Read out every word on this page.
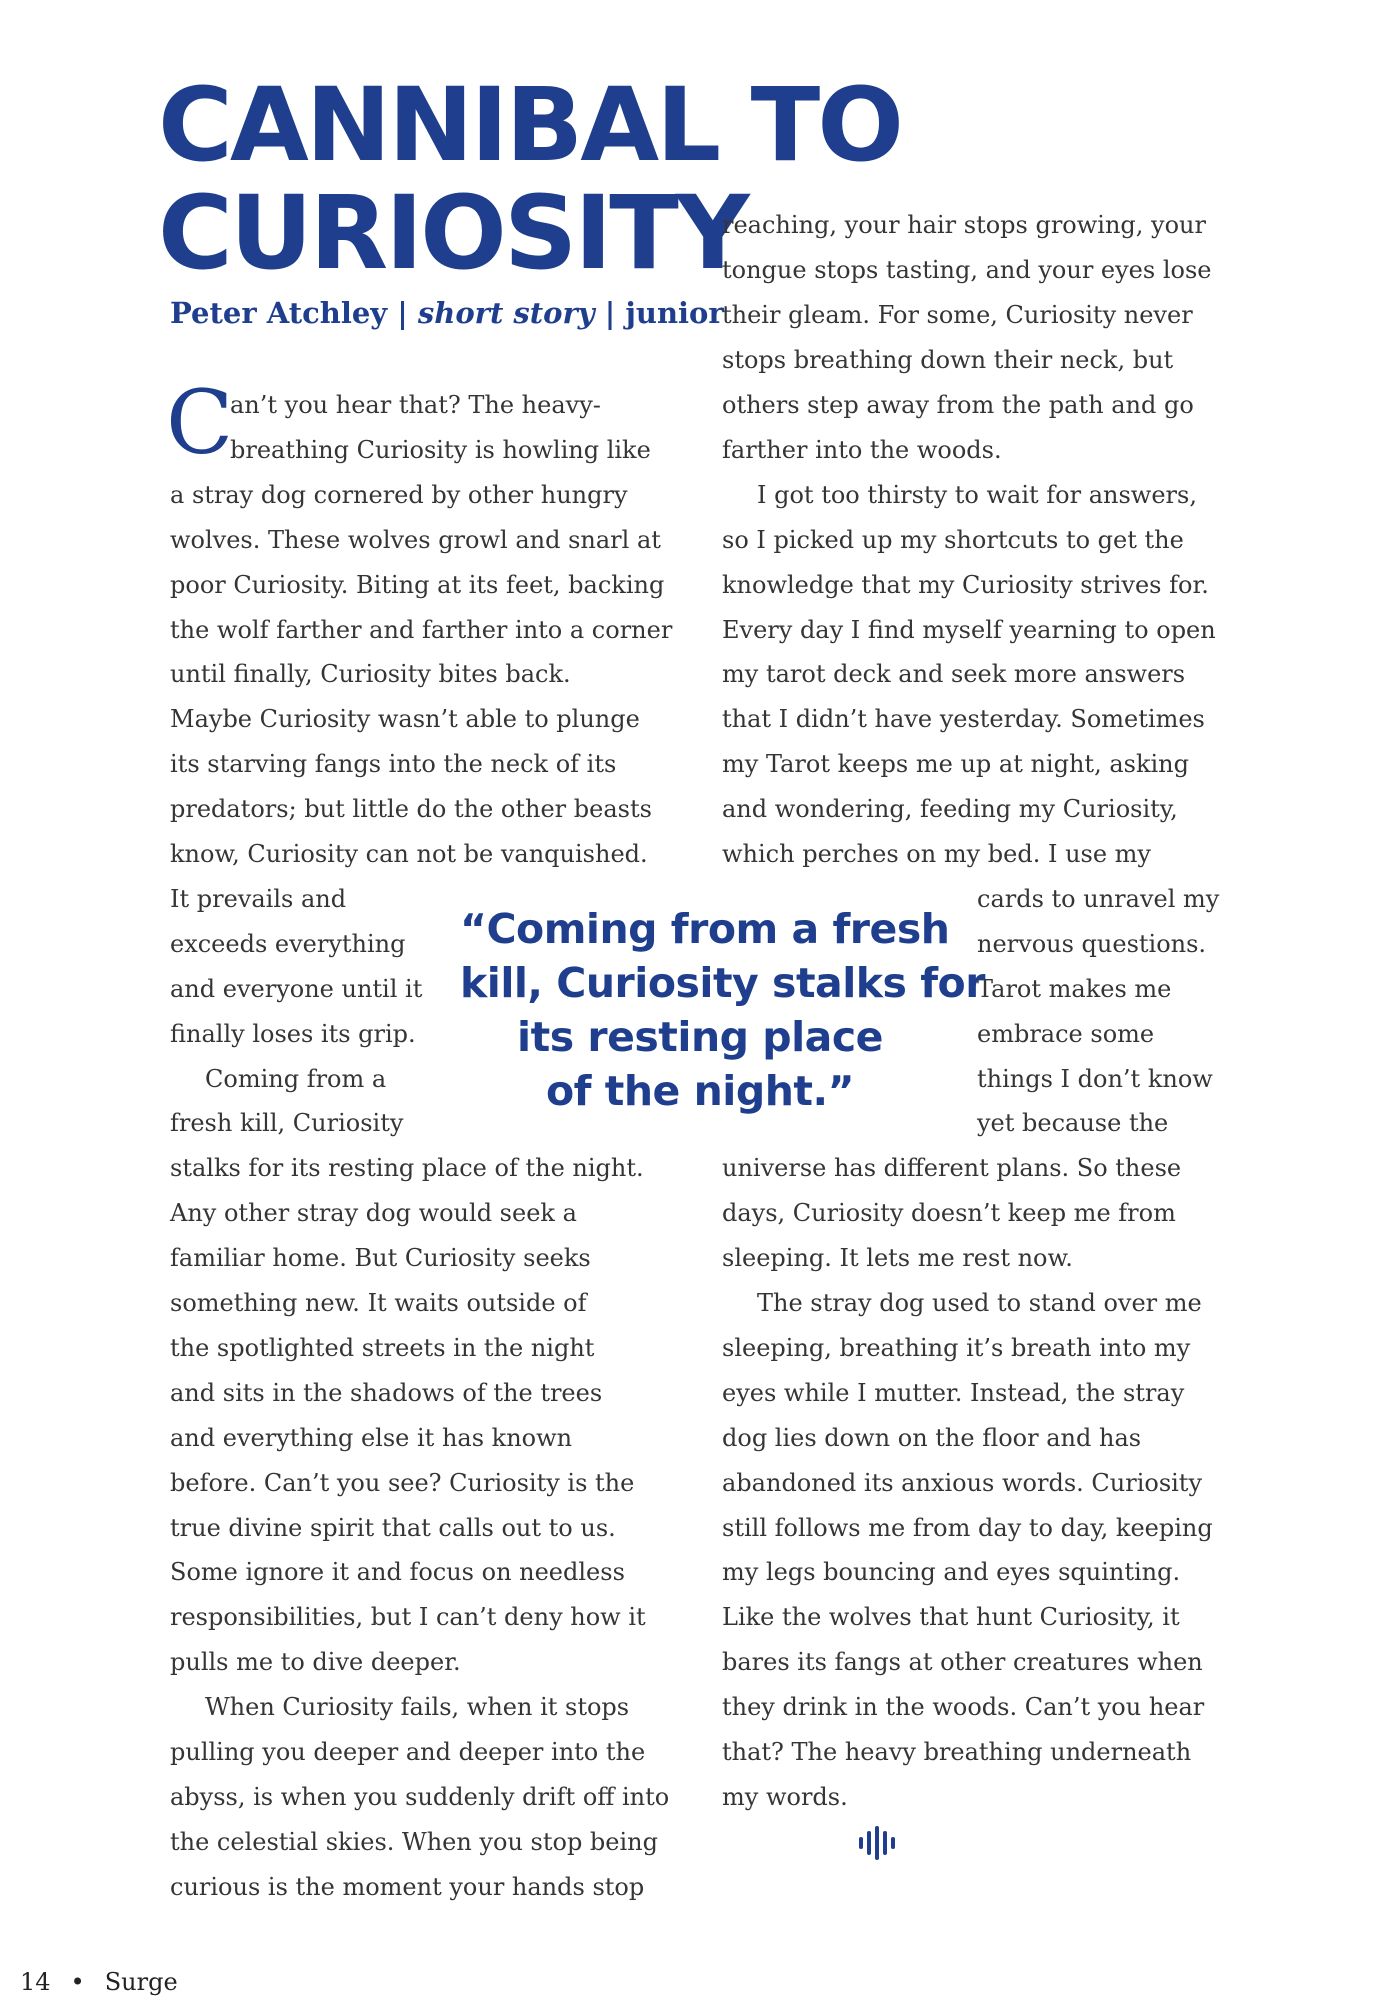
CANNIBAL TO
CURIOSITY
Peter Atchley | short story | junior
C
an’t you hear that? The heavy-
breathing Curiosity is howling like
a stray dog cornered by other hungry
wolves. These wolves growl and snarl at
poor Curiosity. Biting at its feet, backing
the wolf farther and farther into a corner
until finally, Curiosity bites back.
Maybe Curiosity wasn’t able to plunge
its starving fangs into the neck of its
predators; but little do the other beasts
know, Curiosity can not be vanquished.
It prevails and
exceeds everything
and everyone until it
finally loses its grip.
Coming from a
fresh kill, Curiosity
stalks for its resting place of the night.
Any other stray dog would seek a
familiar home. But Curiosity seeks
something new. It waits outside of
the spotlighted streets in the night
and sits in the shadows of the trees
and everything else it has known
before. Can’t you see? Curiosity is the
true divine spirit that calls out to us.
Some ignore it and focus on needless
responsibilities, but I can’t deny how it
pulls me to dive deeper.
When Curiosity fails, when it stops
pulling you deeper and deeper into the
abyss, is when you suddenly drift off into
the celestial skies. When you stop being
curious is the moment your hands stop
reaching, your hair stops growing, your
tongue stops tasting, and your eyes lose
their gleam. For some, Curiosity never
stops breathing down their neck, but
others step away from the path and go
farther into the woods.
I got too thirsty to wait for answers,
so I picked up my shortcuts to get the
knowledge that my Curiosity strives for.
Every day I find myself yearning to open
my tarot deck and seek more answers
that I didn’t have yesterday. Sometimes
my Tarot keeps me up at night, asking
and wondering, feeding my Curiosity,
which perches on my bed. I use my
cards to unravel my
nervous questions.
Tarot makes me
embrace some
things I don’t know
yet because the
universe has different plans. So these
days, Curiosity doesn’t keep me from
sleeping. It lets me rest now.
The stray dog used to stand over me
sleeping, breathing it’s breath into my
eyes while I mutter. Instead, the stray
dog lies down on the floor and has
abandoned its anxious words. Curiosity
still follows me from day to day, keeping
my legs bouncing and eyes squinting.
Like the wolves that hunt Curiosity, it
bares its fangs at other creatures when
they drink in the woods. Can’t you hear
that? The heavy breathing underneath
my words.
“Coming from a fresh
kill, Curiosity stalks for
its resting place
of the night.”
14 • Surge
